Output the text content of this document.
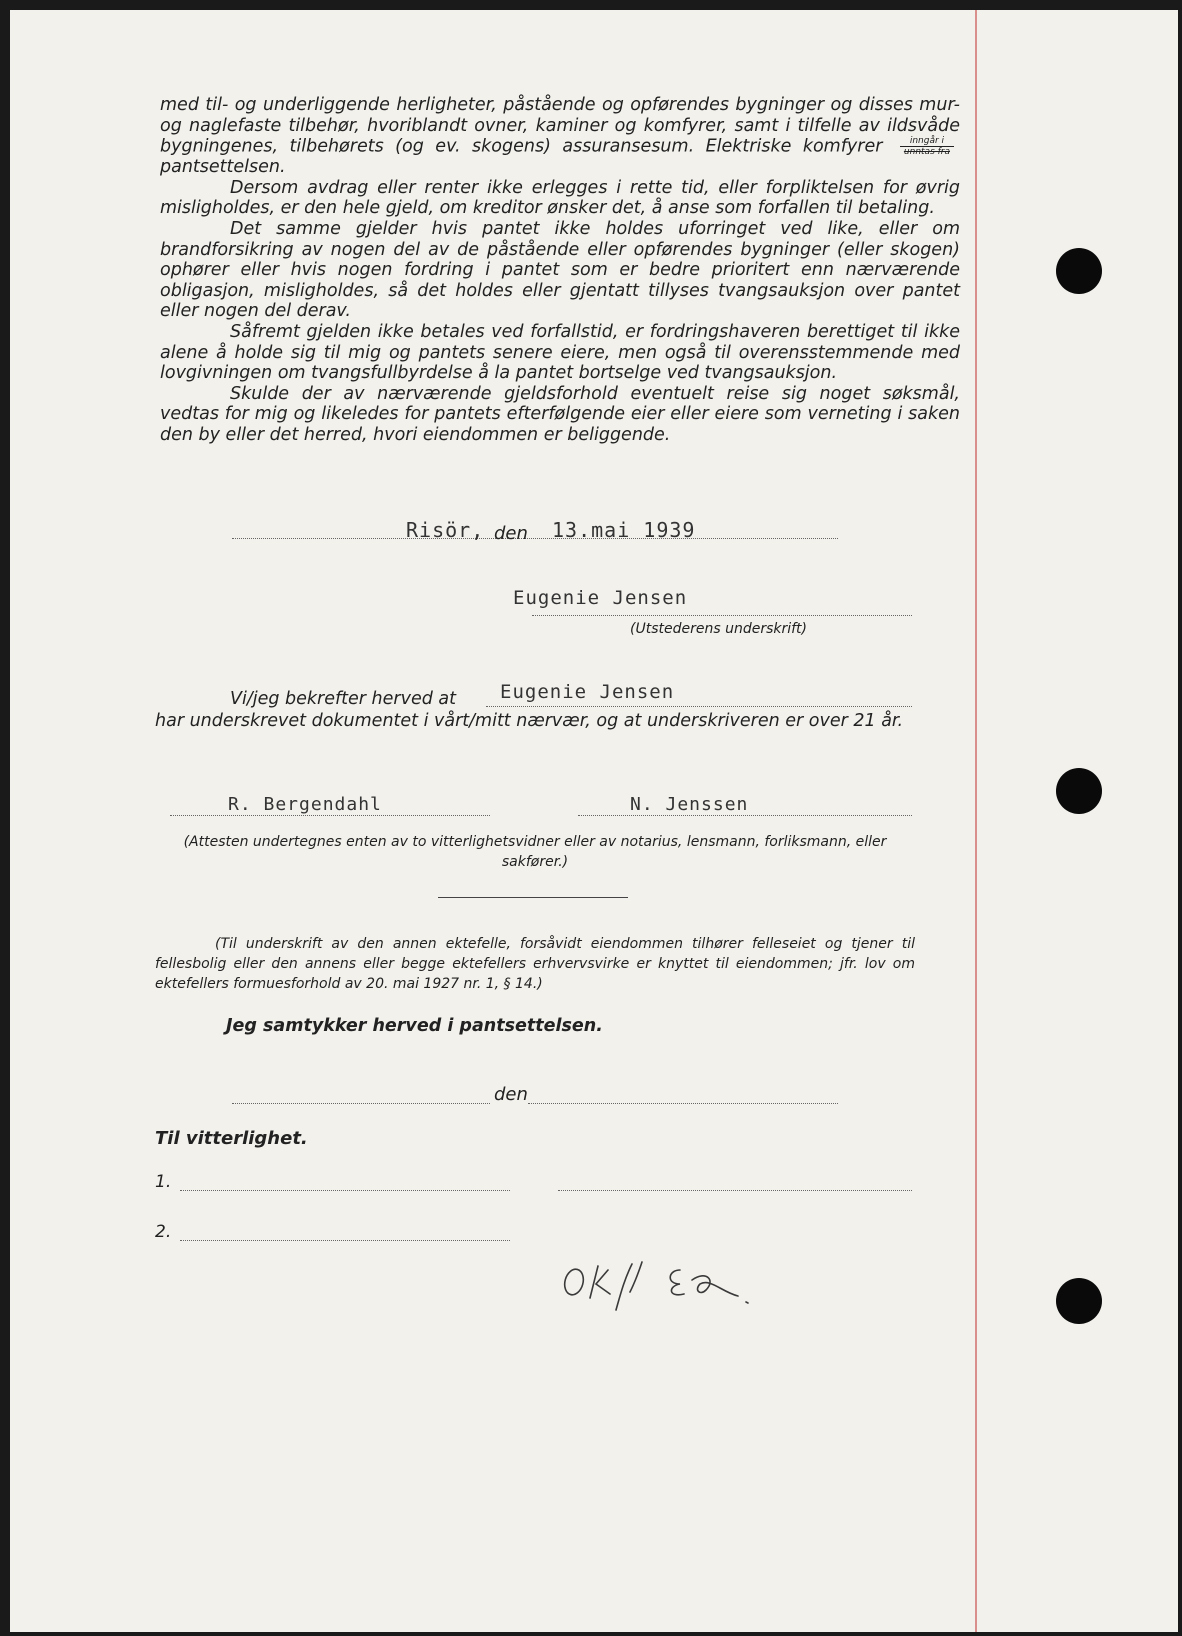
med til- og underliggende herligheter, påstående og opførendes bygninger og disses mur- og naglefaste tilbehør, hvoriblandt ovner, kaminer og komfyrer, samt i tilfelle av ildsvåde bygningenes, tilbehørets (og ev. skogens) assuransesum. Elektriske komfyrer $\frac{\text{inngår i}}{\text{unntas fra}}$
pantsettelsen.

Dersom avdrag eller renter ikke erlegges i rette tid, eller forpliktelsen for øvrig misligholdes, er den hele gjeld, om kreditor ønsker det, å anse som forfallen til betaling.

Det samme gjelder hvis pantet ikke holdes uforringet ved like, eller om brandforsikring av nogen del av de påstående eller opførendes bygninger (eller skogen) ophører eller hvis nogen fordring i pantet som er bedre prioritert enn nærværende obligasjon, misligholdes, så det holdes eller gjentatt tillyses tvangsauksjon over pantet eller nogen del derav.

Såfremt gjelden ikke betales ved forfallstid, er fordringshaveren berettiget til ikke alene å holde sig til mig og pantets senere eiere, men også til overensstemmende med lovgivningen om tvangsfullbyrdelse å la pantet bortselge ved tvangsauksjon.

Skulde der av nærværende gjeldsforhold eventuelt reise sig noget søksmål, vedtas for mig og likeledes for pantets efterfølgende eier eller eiere som verneting i saken den by eller det herred, hvori eiendommen er beliggende.

Risör, den 13.mai 1939
Eugenie Jensen
(Utstederens underskrift)
Vi/jeg bekrefter herved at Eugenie Jensen
har underskrevet dokumentet i vårt/mitt nærvær, og at underskriveren er over 21 år.
R. Bergendahl	N. Jenssen
(Attesten undertegnes enten av to vitterlighetsvidner eller av notarius, lensmann, forliksmann, eller sakfører.)
(Til underskrift av den annen ektefelle, forsåvidt eiendommen tilhører felleseiet og tjener til fellesbolig eller den annens eller begge ektefellers erhvervsvirke er knyttet til eiendommen; jfr. lov om ektefellers formuesforhold av 20. mai 1927 nr. 1, § 14.)
Jeg samtykker herved i pantsettelsen.
den
Til vitterlighet.
1.
2.
